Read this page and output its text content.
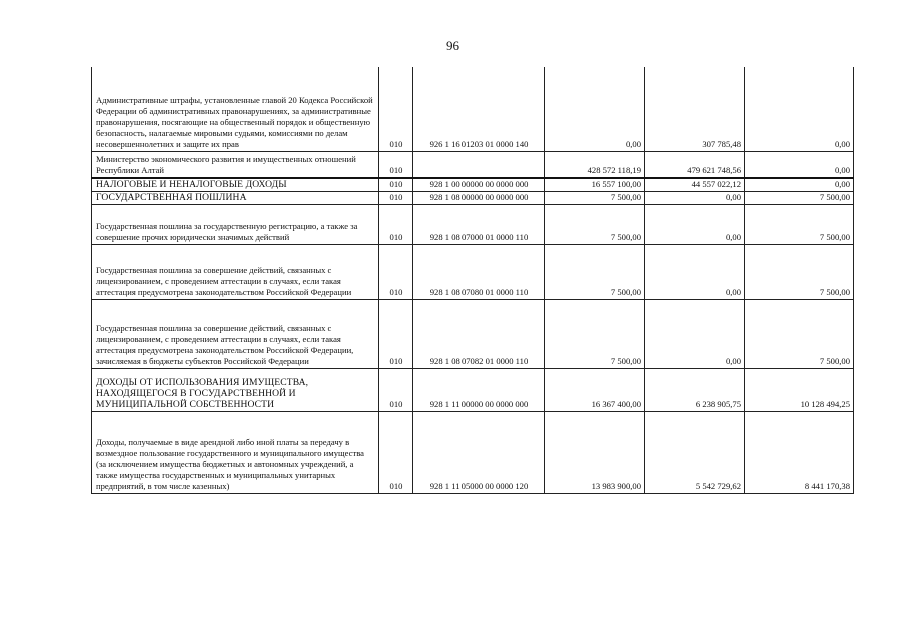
96
Административные штрафы, установленные главой 20 Кодекса Российской Федерации об административных правонарушениях, за административные правонарушения, посягающие на общественный порядок и общественную безопасность, налагаемые мировыми судьями, комиссиями по делам несовершеннолетних и защите их прав	010	926 1 16 01203 01 0000 140	0,00	307 785,48	0,00
Министерство экономического развития и имущественных отношений Республики Алтай	010		428 572 118,19	479 621 748,56	0,00
НАЛОГОВЫЕ И НЕНАЛОГОВЫЕ ДОХОДЫ	010	928 1 00 00000 00 0000 000	16 557 100,00	44 557 022,12	0,00
ГОСУДАРСТВЕННАЯ ПОШЛИНА	010	928 1 08 00000 00 0000 000	7 500,00	0,00	7 500,00
Государственная пошлина за государственную регистрацию, а также за совершение прочих юридически значимых действий	010	928 1 08 07000 01 0000 110	7 500,00	0,00	7 500,00
Государственная пошлина за совершение действий, связанных с лицензированием, с проведением аттестации в случаях, если такая аттестация предусмотрена законодательством Российской Федерации	010	928 1 08 07080 01 0000 110	7 500,00	0,00	7 500,00
Государственная пошлина за совершение действий, связанных с лицензированием, с проведением аттестации в случаях, если такая аттестация предусмотрена законодательством Российской Федерации, зачисляемая в бюджеты субъектов Российской Федерации	010	928 1 08 07082 01 0000 110	7 500,00	0,00	7 500,00
ДОХОДЫ ОТ ИСПОЛЬЗОВАНИЯ ИМУЩЕСТВА, НАХОДЯЩЕГОСЯ В ГОСУДАРСТВЕННОЙ И МУНИЦИПАЛЬНОЙ СОБСТВЕННОСТИ	010	928 1 11 00000 00 0000 000	16 367 400,00	6 238 905,75	10 128 494,25
Доходы, получаемые в виде арендной либо иной платы за передачу в возмездное пользование государственного и муниципального имущества (за исключением имущества бюджетных и автономных учреждений, а также имущества государственных и муниципальных унитарных предприятий, в том числе казенных)	010	928 1 11 05000 00 0000 120	13 983 900,00	5 542 729,62	8 441 170,38
